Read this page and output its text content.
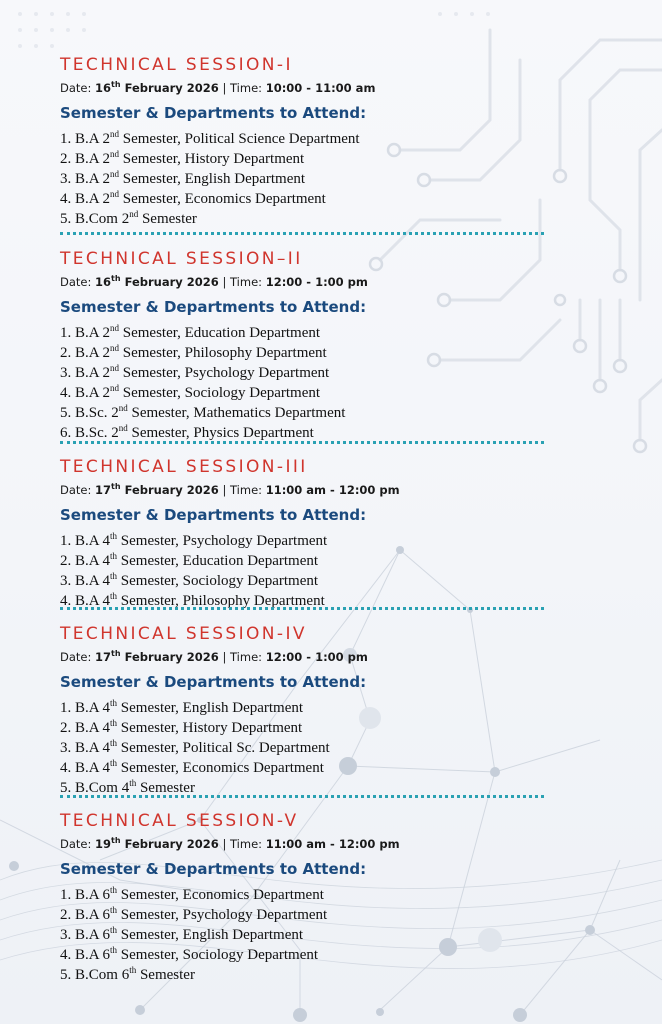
TECHNICAL SESSION-I
Date: 16th February 2026 | Time: 10:00 - 11:00 am
Semester & Departments to Attend:
1. B.A 2nd Semester, Political Science Department
2. B.A 2nd Semester, History Department
3. B.A 2nd Semester, English Department
4. B.A 2nd Semester, Economics Department
5. B.Com 2nd Semester
TECHNICAL SESSION–II
Date: 16th February 2026 | Time: 12:00 - 1:00 pm
Semester & Departments to Attend:
1. B.A 2nd Semester, Education Department
2. B.A 2nd Semester, Philosophy Department
3. B.A 2nd Semester, Psychology Department
4. B.A 2nd Semester, Sociology Department
5. B.Sc. 2nd Semester, Mathematics Department
6. B.Sc. 2nd Semester, Physics Department
TECHNICAL SESSION-III
Date: 17th February 2026 | Time: 11:00 am - 12:00 pm
Semester & Departments to Attend:
1. B.A 4th Semester, Psychology Department
2. B.A 4th Semester, Education Department
3. B.A 4th Semester, Sociology Department
4. B.A 4th Semester, Philosophy Department
TECHNICAL SESSION-IV
Date: 17th February 2026 | Time: 12:00 - 1:00 pm
Semester & Departments to Attend:
1. B.A 4th Semester, English Department
2. B.A 4th Semester, History Department
3. B.A 4th Semester, Political Sc. Department
4. B.A 4th Semester, Economics Department
5. B.Com 4th Semester
TECHNICAL SESSION-V
Date: 19th February 2026 | Time: 11:00 am - 12:00 pm
Semester & Departments to Attend:
1. B.A 6th Semester, Economics Department
2. B.A 6th Semester, Psychology Department
3. B.A 6th Semester, English Department
4. B.A 6th Semester, Sociology Department
5. B.Com 6th Semester
